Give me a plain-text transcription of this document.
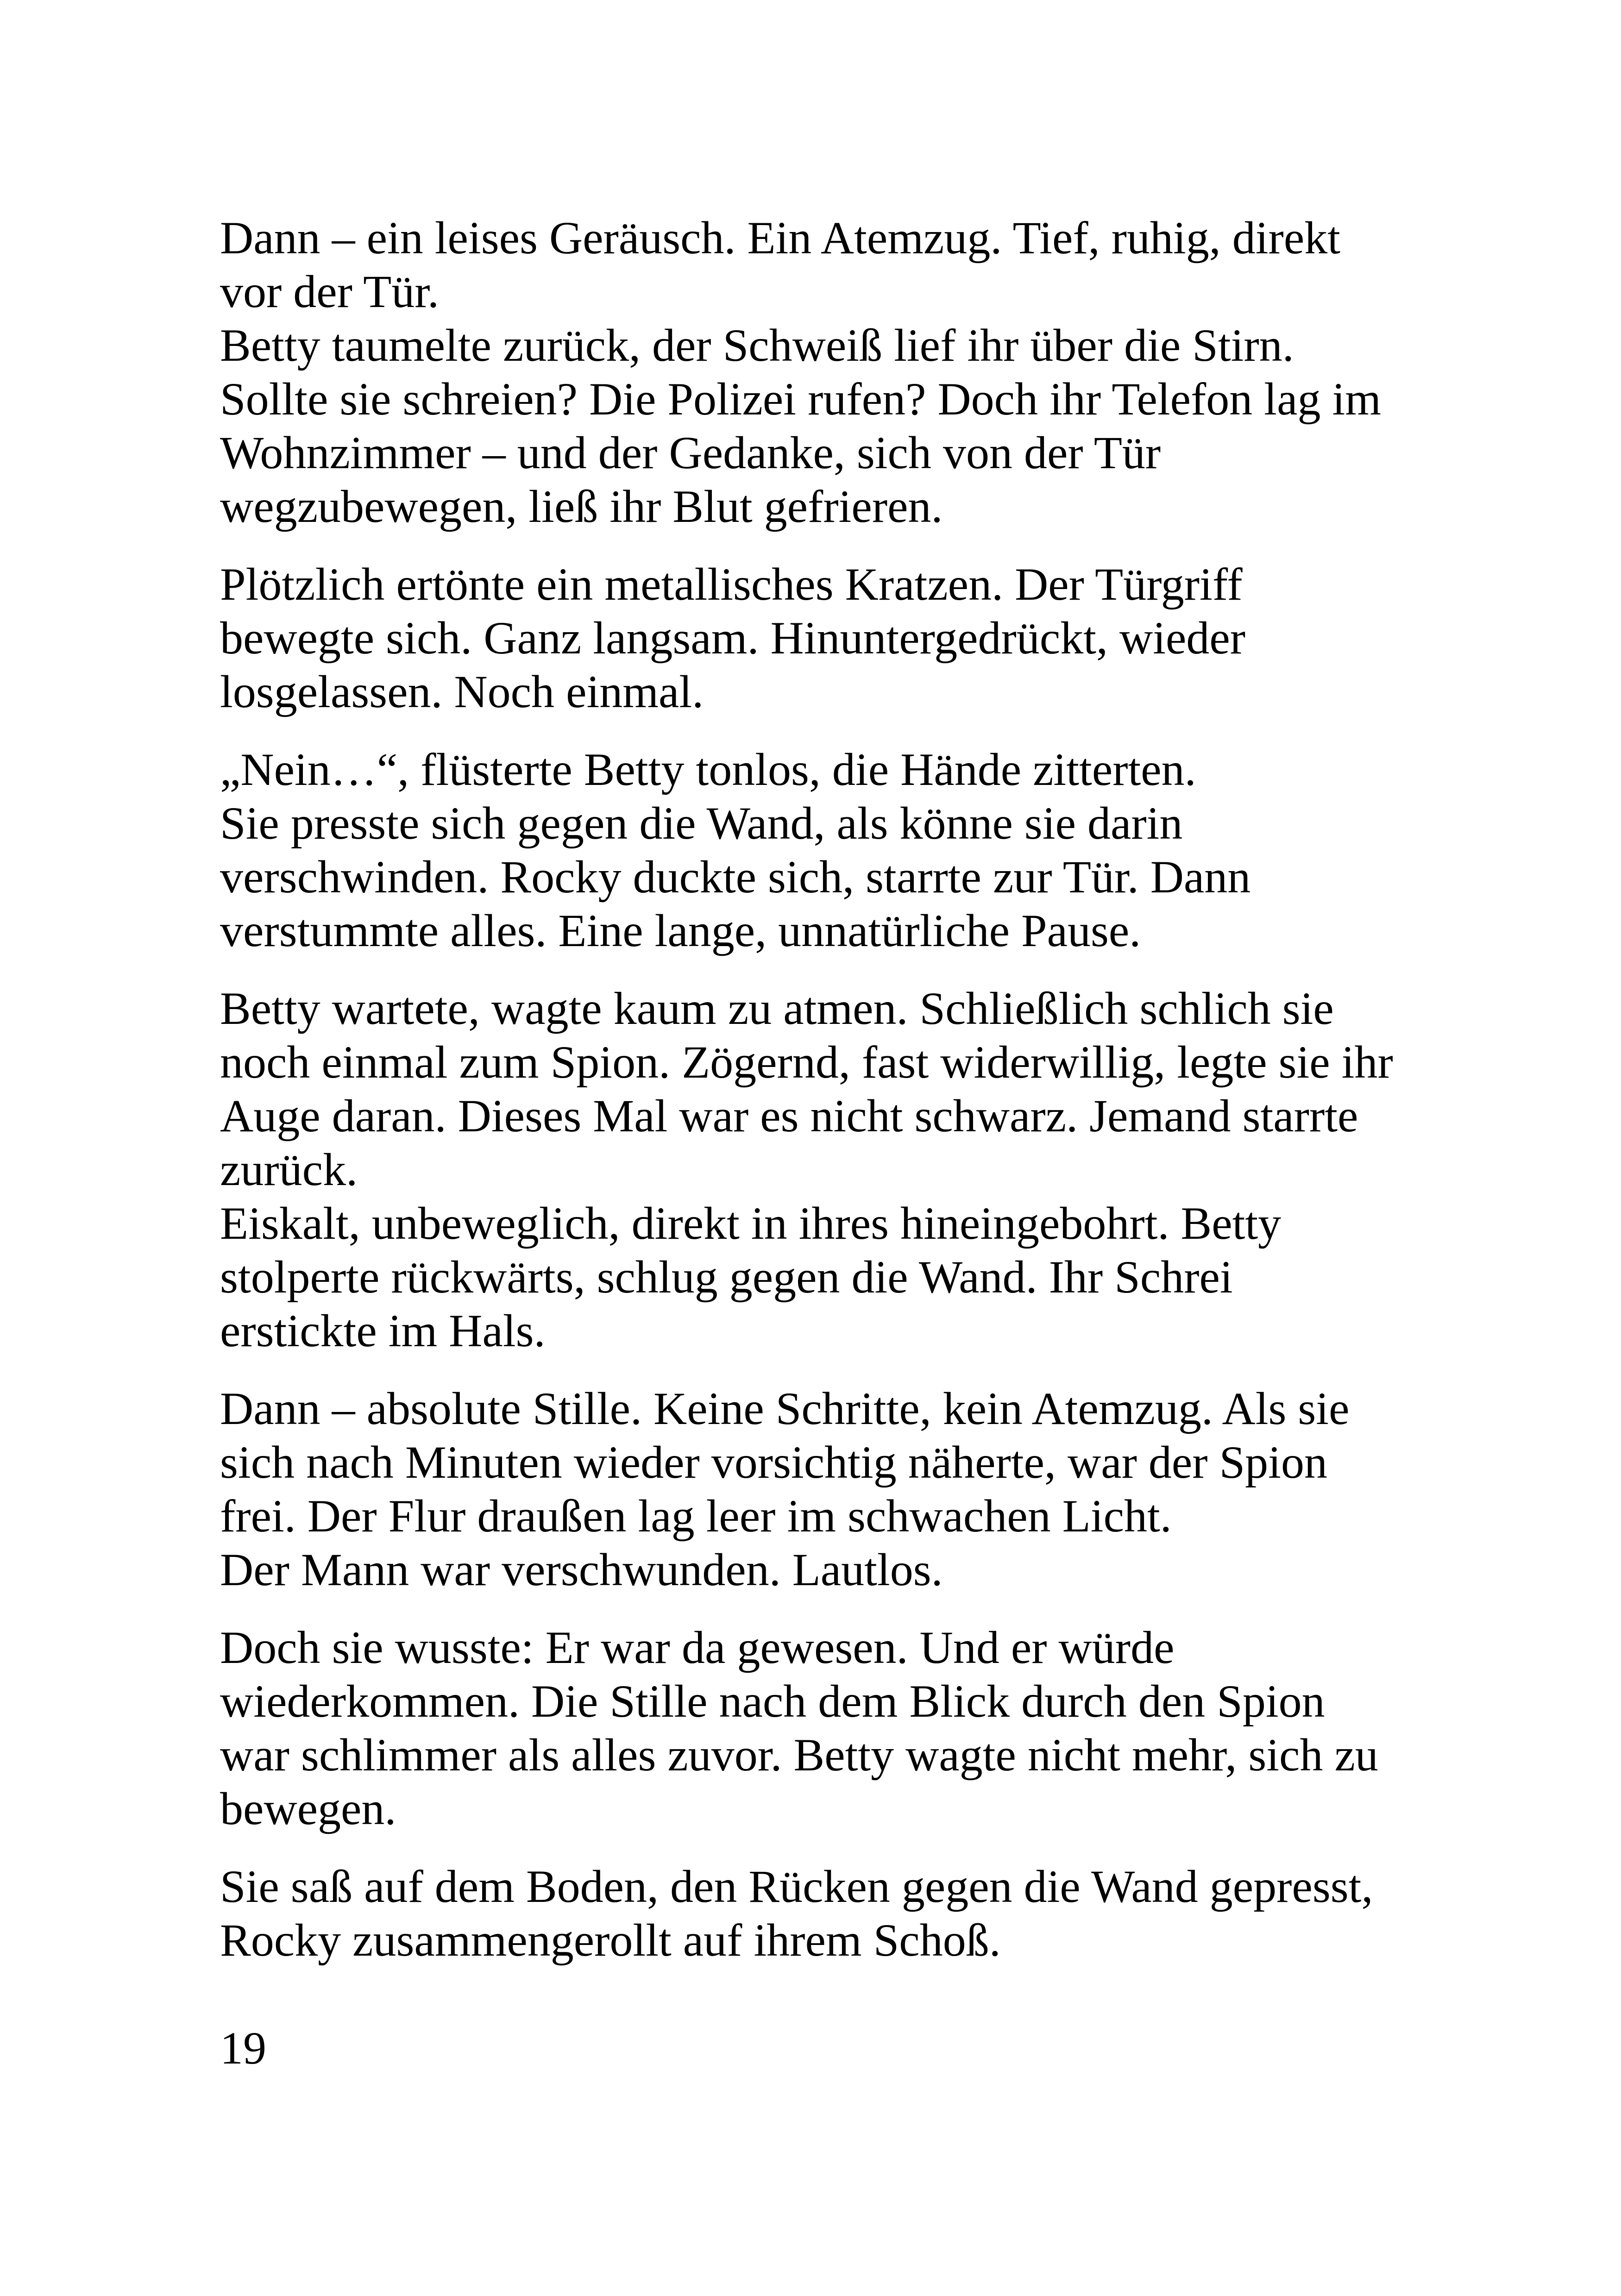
Dann – ein leises Geräusch. Ein Atemzug. Tief, ruhig, direkt
vor der Tür.
Betty taumelte zurück, der Schweiß lief ihr über die Stirn.
Sollte sie schreien? Die Polizei rufen? Doch ihr Telefon lag im
Wohnzimmer – und der Gedanke, sich von der Tür
wegzubewegen, ließ ihr Blut gefrieren.

Plötzlich ertönte ein metallisches Kratzen. Der Türgriff
bewegte sich. Ganz langsam. Hinuntergedrückt, wieder
losgelassen. Noch einmal.

„Nein…“, flüsterte Betty tonlos, die Hände zitterten.
Sie presste sich gegen die Wand, als könne sie darin
verschwinden. Rocky duckte sich, starrte zur Tür. Dann
verstummte alles. Eine lange, unnatürliche Pause.

Betty wartete, wagte kaum zu atmen. Schließlich schlich sie
noch einmal zum Spion. Zögernd, fast widerwillig, legte sie ihr
Auge daran. Dieses Mal war es nicht schwarz. Jemand starrte
zurück.
Eiskalt, unbeweglich, direkt in ihres hineingebohrt. Betty
stolperte rückwärts, schlug gegen die Wand. Ihr Schrei
erstickte im Hals.

Dann – absolute Stille. Keine Schritte, kein Atemzug. Als sie
sich nach Minuten wieder vorsichtig näherte, war der Spion
frei. Der Flur draußen lag leer im schwachen Licht.
Der Mann war verschwunden. Lautlos.

Doch sie wusste: Er war da gewesen. Und er würde
wiederkommen. Die Stille nach dem Blick durch den Spion
war schlimmer als alles zuvor. Betty wagte nicht mehr, sich zu
bewegen.

Sie saß auf dem Boden, den Rücken gegen die Wand gepresst,
Rocky zusammengerollt auf ihrem Schoß.

19
